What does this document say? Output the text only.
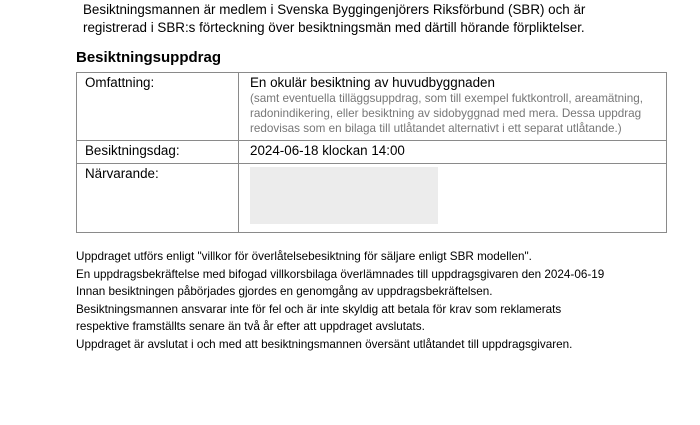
Besiktningsmannen är medlem i Svenska Byggingenjörers Riksförbund (SBR) och är
registrerad i SBR:s förteckning över besiktningsmän med därtill hörande förpliktelser.
Besiktningsuppdrag
Omfattning:	En okulär besiktning av huvudbyggnaden
(samt eventuella tilläggsuppdrag, som till exempel fuktkontroll, areamätning,
radonindikering, eller besiktning av sidobyggnad med mera. Dessa uppdrag
redovisas som en bilaga till utlåtandet alternativt i ett separat utlåtande.)

Besiktningsdag:	2024-06-18 klockan 14:00
Närvarande:	
Uppdraget utförs enligt "villkor för överlåtelsebesiktning för säljare enligt SBR modellen".
En uppdragsbekräftelse med bifogad villkorsbilaga överlämnades till uppdragsgivaren den 2024-06-19
Innan besiktningen påbörjades gjordes en genomgång av uppdragsbekräftelsen.
Besiktningsmannen ansvarar inte för fel och är inte skyldig att betala för krav som reklamerats
respektive framställts senare än två år efter att uppdraget avslutats.
Uppdraget är avslutat i och med att besiktningsmannen översänt utlåtandet till uppdragsgivaren.
